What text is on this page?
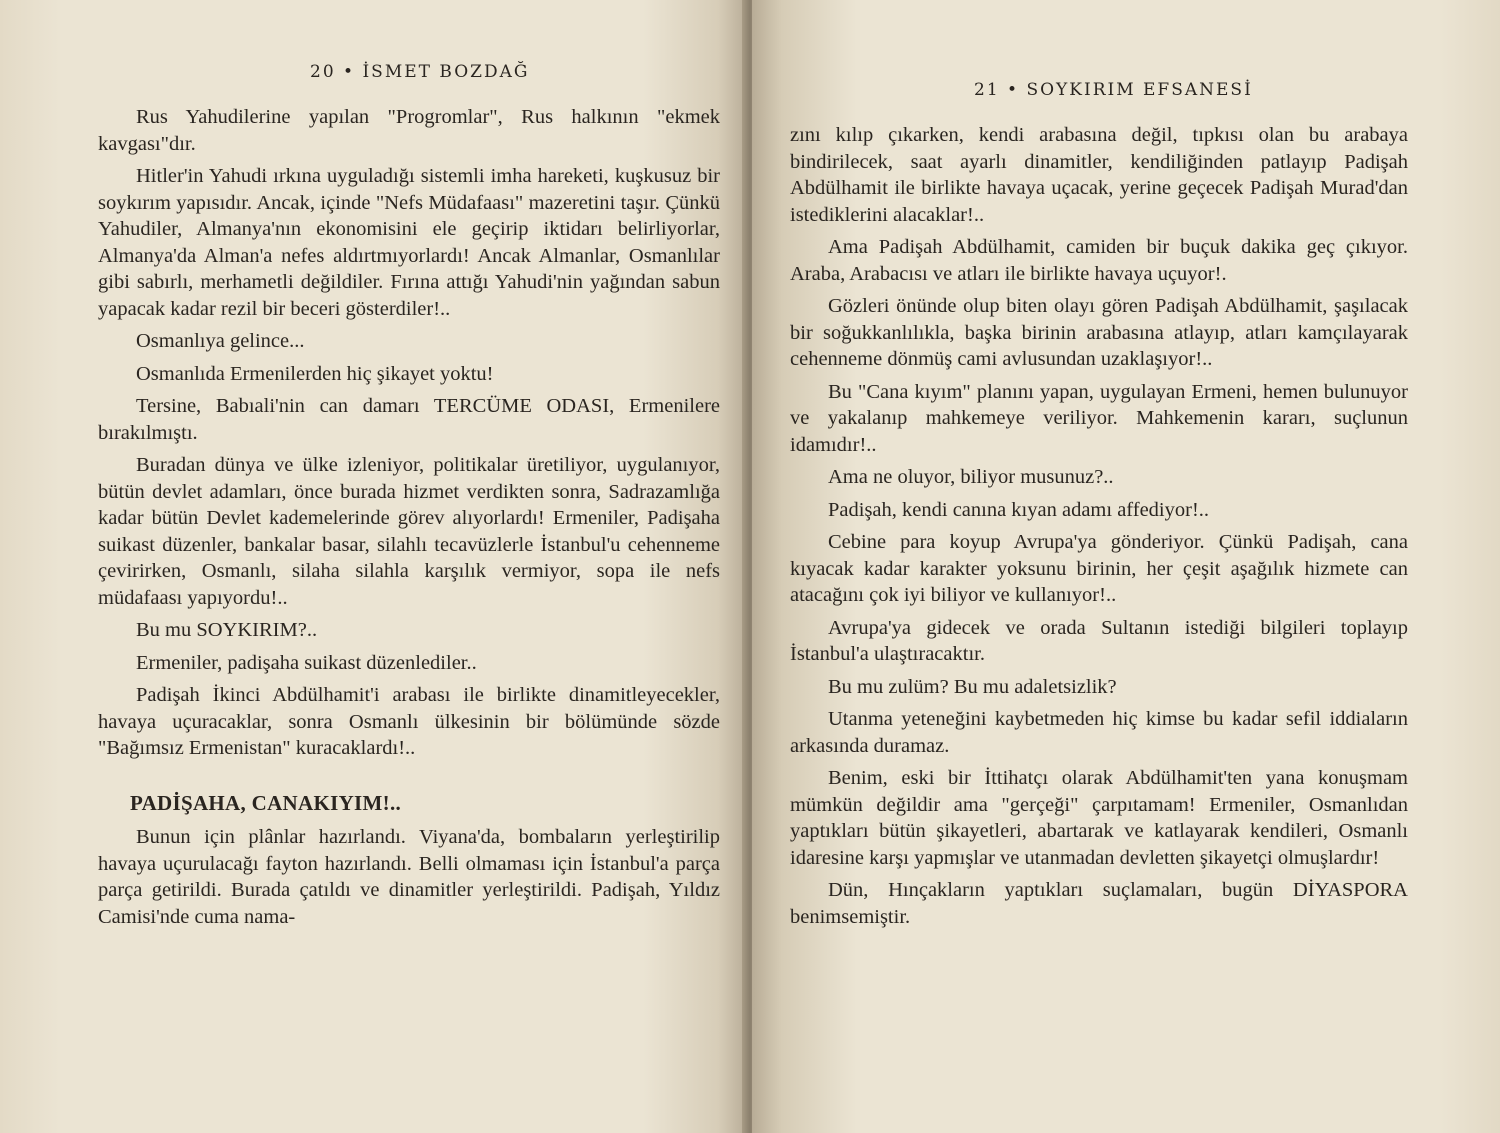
20 • İSMET BOZDAĞ

Rus Yahudilerine yapılan "Progromlar", Rus halkının "ekmek kavgası"dır.

Hitler'in Yahudi ırkına uyguladığı sistemli imha hareketi, kuşkusuz bir soykırım yapısıdır. Ancak, içinde "Nefs Müdafaası" mazeretini taşır. Çünkü Yahudiler, Almanya'nın ekonomisini ele geçirip iktidarı belirliyorlar, Almanya'da Alman'a nefes aldırtmıyorlardı! Ancak Almanlar, Osmanlılar gibi sabırlı, merhametli değildiler. Fırına attığı Yahudi'nin yağından sabun yapacak kadar rezil bir beceri gösterdiler!..

Osmanlıya gelince...

Osmanlıda Ermenilerden hiç şikayet yoktu!

Tersine, Babıali'nin can damarı TERCÜME ODASI, Ermenilere bırakılmıştı.

Buradan dünya ve ülke izleniyor, politikalar üretiliyor, uygulanıyor, bütün devlet adamları, önce burada hizmet verdikten sonra, Sadrazamlığa kadar bütün Devlet kademelerinde görev alıyorlardı! Ermeniler, Padişaha suikast düzenler, bankalar basar, silahlı tecavüzlerle İstanbul'u cehenneme çevirirken, Osmanlı, silaha silahla karşılık vermiyor, sopa ile nefs müdafaası yapıyordu!..

Bu mu SOYKIRIM?..

Ermeniler, padişaha suikast düzenlediler..

Padişah İkinci Abdülhamit'i arabası ile birlikte dinamitleyecekler, havaya uçuracaklar, sonra Osmanlı ülkesinin bir bölümünde sözde "Bağımsız Ermenistan" kuracaklardı!..

PADİŞAHA, CANAKIYIM!..

Bunun için plânlar hazırlandı. Viyana'da, bombaların yerleştirilip havaya uçurulacağı fayton hazırlandı. Belli olmaması için İstanbul'a parça parça getirildi. Burada çatıldı ve dinamitler yerleştirildi. Padişah, Yıldız Camisi'nde cuma nama-

21 • SOYKIRIM EFSANESİ

zını kılıp çıkarken, kendi arabasına değil, tıpkısı olan bu arabaya bindirilecek, saat ayarlı dinamitler, kendiliğinden patlayıp Padişah Abdülhamit ile birlikte havaya uçacak, yerine geçecek Padişah Murad'dan istediklerini alacaklar!..

Ama Padişah Abdülhamit, camiden bir buçuk dakika geç çıkıyor. Araba, Arabacısı ve atları ile birlikte havaya uçuyor!.

Gözleri önünde olup biten olayı gören Padişah Abdülhamit, şaşılacak bir soğukkanlılıkla, başka birinin arabasına atlayıp, atları kamçılayarak cehenneme dönmüş cami avlusundan uzaklaşıyor!..

Bu "Cana kıyım" planını yapan, uygulayan Ermeni, hemen bulunuyor ve yakalanıp mahkemeye veriliyor. Mahkemenin kararı, suçlunun idamıdır!..

Ama ne oluyor, biliyor musunuz?..

Padişah, kendi canına kıyan adamı affediyor!..

Cebine para koyup Avrupa'ya gönderiyor. Çünkü Padişah, cana kıyacak kadar karakter yoksunu birinin, her çeşit aşağılık hizmete can atacağını çok iyi biliyor ve kullanıyor!..

Avrupa'ya gidecek ve orada Sultanın istediği bilgileri toplayıp İstanbul'a ulaştıracaktır.

Bu mu zulüm? Bu mu adaletsizlik?

Utanma yeteneğini kaybetmeden hiç kimse bu kadar sefil iddiaların arkasında duramaz.

Benim, eski bir İttihatçı olarak Abdülhamit'ten yana konuşmam mümkün değildir ama "gerçeği" çarpıtamam! Ermeniler, Osmanlıdan yaptıkları bütün şikayetleri, abartarak ve katlayarak kendileri, Osmanlı idaresine karşı yapmışlar ve utanmadan devletten şikayetçi olmuşlardır!

Dün, Hınçakların yaptıkları suçlamaları, bugün DİYASPORA benimsemiştir.
